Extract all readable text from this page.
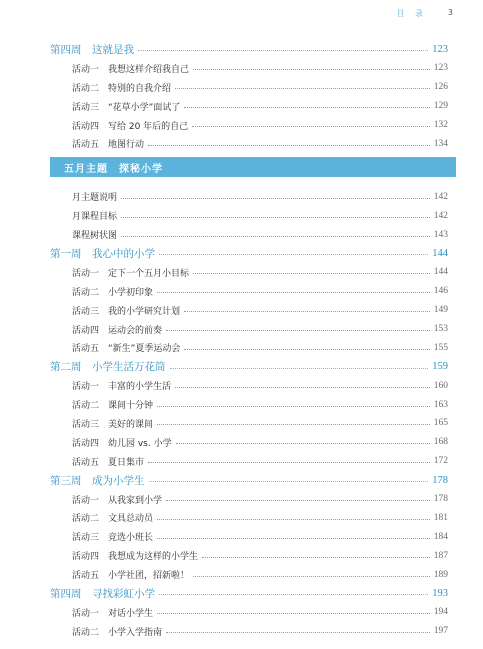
目 录	3
第四周　这就是我	123
活动一　我想这样介绍我自己	123
活动二　特别的自我介绍	126
活动三　“花草小学”面试了	129
活动四　写给 20 年后的自己	132
活动五　地图行动	134
五月主题　探秘小学
月主题说明	142
月课程目标	142
课程树状图	143
第一周　我心中的小学	144
活动一　定下一个五月小目标	144
活动二　小学初印象	146
活动三　我的小学研究计划	149
活动四　运动会的前奏	153
活动五　“新生”夏季运动会	155
第二周　小学生活万花筒	159
活动一　丰富的小学生活	160
活动二　课间十分钟	163
活动三　美好的课间	165
活动四　幼儿园 vs. 小学	168
活动五　夏日集市	172
第三周　成为小学生	178
活动一　从我家到小学	178
活动二　文具总动员	181
活动三　竞选小班长	184
活动四　我想成为这样的小学生	187
活动五　小学社团，招新啦！	189
第四周　寻找彩虹小学	193
活动一　对话小学生	194
活动二　小学入学指南	197
